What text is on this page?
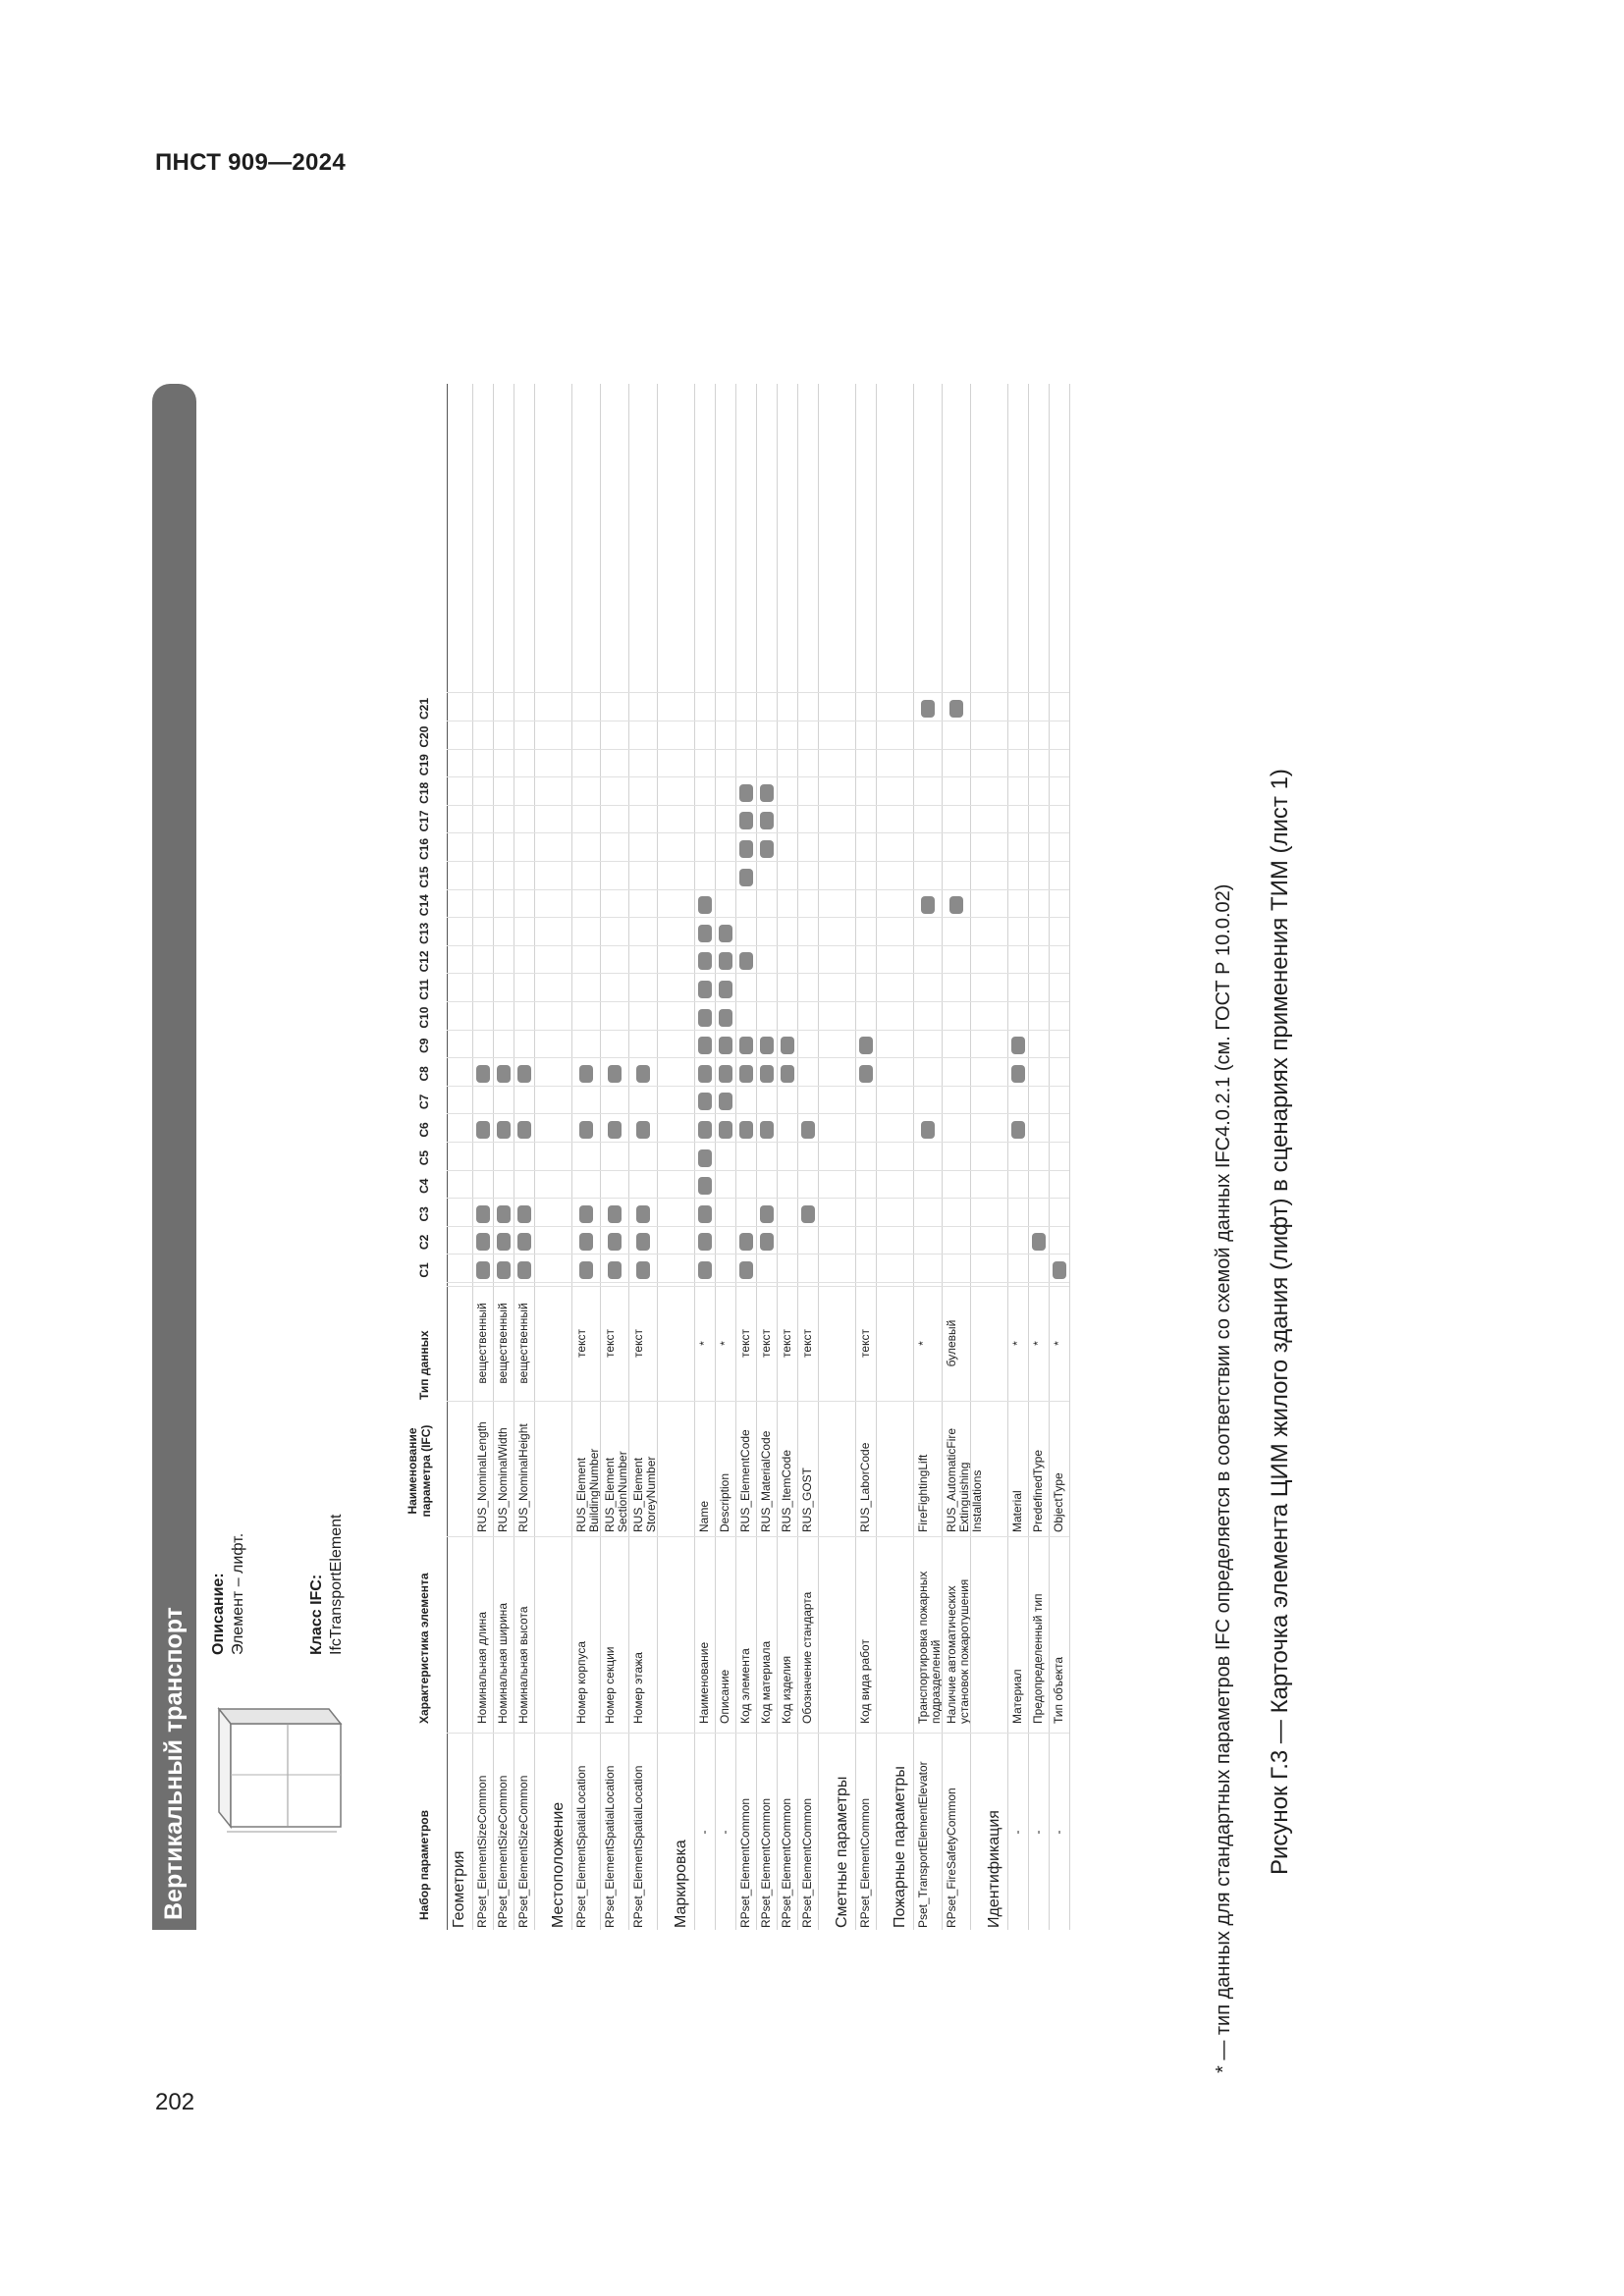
ПНСТ 909—2024
202
Вертикальный транспорт Описание: Элемент – лифт.	Класс IFC: IfcTransportElement
Набор параметров
Характеристика элемента
Наименование параметра (IFC)
Тип данных
C1
C2
C3
C4
C5
C6
C7
C8
C9
C10
C11
C12
C13
C14
C15
C16
C17
C18
C19
C20
C21
Геометрия RPset_ElementSizeCommon
Номинальная длина
RUS_NominalLength
вещественный
RPset_ElementSizeCommon
Номинальная ширина
RUS_NominalWidth
вещественный
RPset_ElementSizeCommon
Номинальная высота
RUS_NominalHeight
вещественный
Местоположение RPset_ElementSpatialLocation
Номер корпуса
RUS_Element BuildingNumber
текст
RPset_ElementSpatialLocation
Номер секции
RUS_Element SectionNumber
текст
RPset_ElementSpatialLocation
Номер этажа
RUS_Element StoreyNumber
текст
Маркировка
-
Наименование
Name
*
-
Описание
Description
*
RPset_ElementCommon
Код элемента
RUS_ElementCode
текст
RPset_ElementCommon
Код материала
RUS_MaterialCode
текст
RPset_ElementCommon
Код изделия
RUS_ItemCode
текст
RPset_ElementCommon
Обозначение стандарта
RUS_GOST
текст
Сметные параметры RPset_ElementCommon
Код вида работ
RUS_LaborCode
текст
Пожарные параметры Pset_TransportElementElevator
Транспортировка пожарных подразделений
FireFightingLift
*
RPset_FireSafetyCommon
Наличие автоматических установок пожаротушения
RUS_AutomaticFire Extinguishing Installations
булевый
Идентификация -
Материал
Material
*
-
Предопределенный тип
PredefinedType
*
-
Тип объекта
ObjectType
*	* — тип данных для стандартных параметров IFC определяется в соответствии со схемой данных IFC4.0.2.1 (см. ГОСТ Р 10.0.02) Рисунок Г.3 — Карточка элемента ЦИМ жилого здания (лифт) в сценариях применения ТИМ (лист 1)
